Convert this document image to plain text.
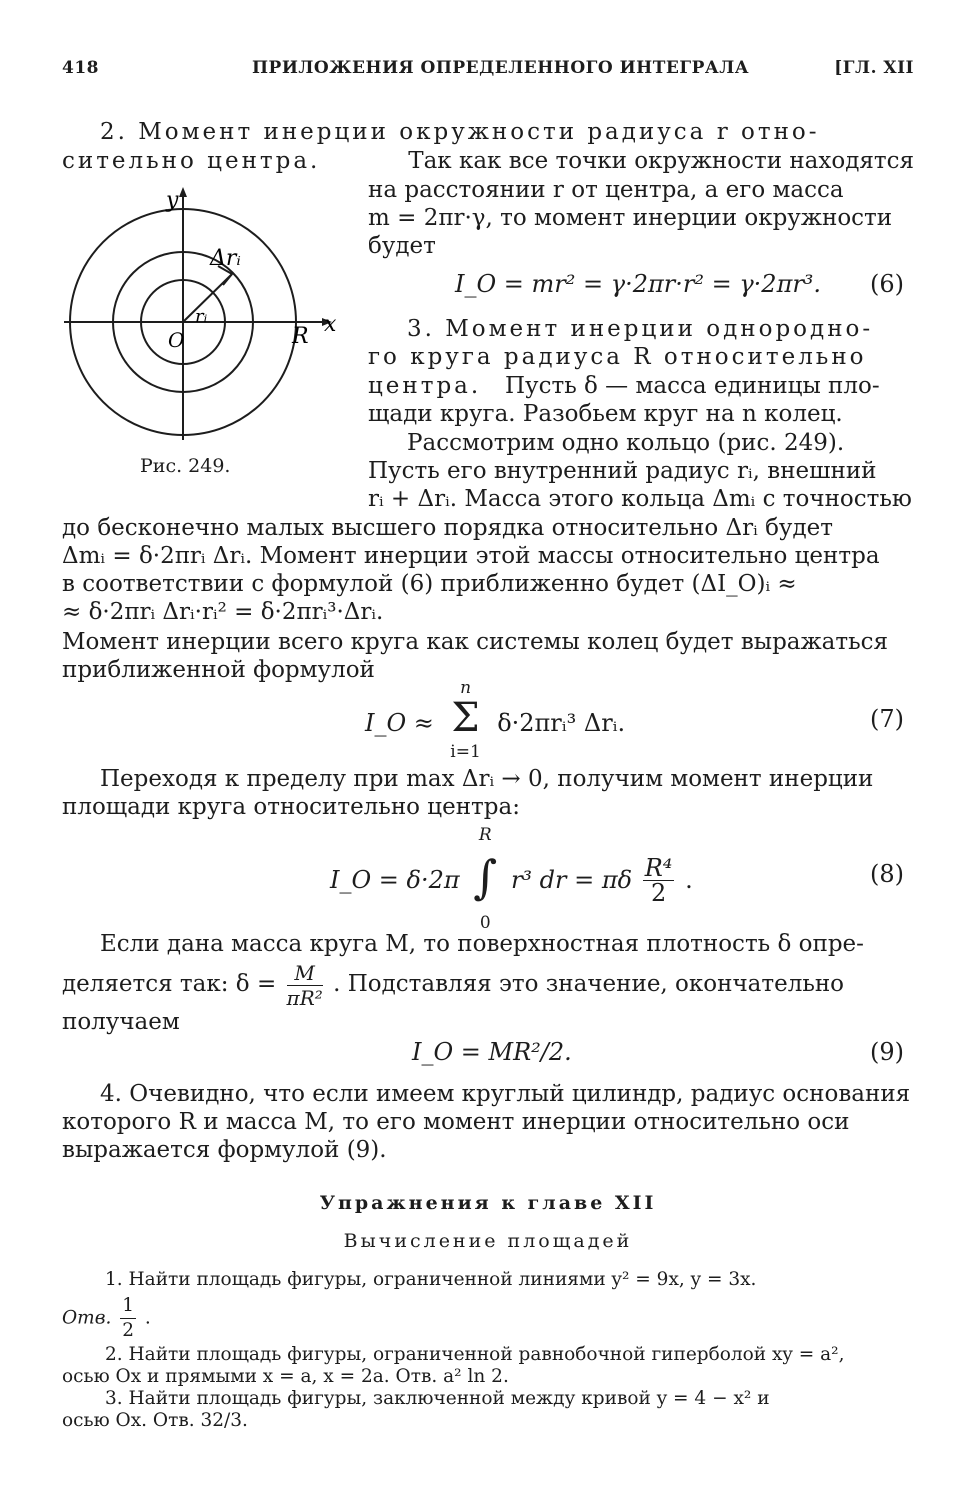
418	ПРИЛОЖЕНИЯ ОПРЕДЕЛЕННОГО ИНТЕГРАЛА	[ГЛ. XII
2. Момент инерции окружности радиуса r отно-
сительно центра.	Так как все точки окружности находятся
на расстоянии r от центра, а его масса
m = 2πr·γ, то момент инерции окружности
будет
I_O = mr² = γ·2πr·r² = γ·2πr³. (6)
y
x
O	R
rᵢ
Δrᵢ
Рис. 249.
3. Момент инерции однородно-
го круга радиуса R относительно
центра. Пусть δ — масса единицы пло-
щади круга. Разобьем круг на n колец.
Рассмотрим одно кольцо (рис. 249).
Пусть его внутренний радиус rᵢ, внешний
rᵢ + Δrᵢ. Масса этого кольца Δmᵢ с точностью
до бесконечно малых высшего порядка относительно Δrᵢ будет
Δmᵢ = δ·2πrᵢ Δrᵢ. Момент инерции этой массы относительно центра
в соответствии с формулой (6) приближенно будет (ΔI_O)ᵢ ≈
≈ δ·2πrᵢ Δrᵢ·rᵢ² = δ·2πrᵢ³·Δrᵢ.
Момент инерции всего круга как системы колец будет выражаться
приближенной формулой
I_O ≈
n
Σ
i=1
δ·2πrᵢ³ Δrᵢ.	(7)
Переходя к пределу при max Δrᵢ → 0, получим момент инерции
площади круга относительно центра:
I_O = δ·2π
R
∫
0
r³ dr = πδ $\frac{\text{R⁴}}{2}$ .	(8)
Если дана масса круга M, то поверхностная плотность δ опре-
деляется так: $\delta = \frac{M}{\text{πR²}}$ . Подставляя это значение, окончательно
получаем
I_O = MR²/2.	(9)
4. Очевидно, что если имеем круглый цилиндр, радиус основания
которого R и масса M, то его момент инерции относительно оси
выражается формулой (9).
Упражнения к главе XII
Вычисление площадей
1. Найти площадь фигуры, ограниченной линиями y² = 9x, y = 3x.
Отв. $\frac{1}{2}$ .
2. Найти площадь фигуры, ограниченной равнобочной гиперболой xy = a²,
осью Ox и прямыми x = a, x = 2a. Отв. a² ln 2.
3. Найти площадь фигуры, заключенной между кривой y = 4 − x² и
осью Ox. Отв. 32/3.
